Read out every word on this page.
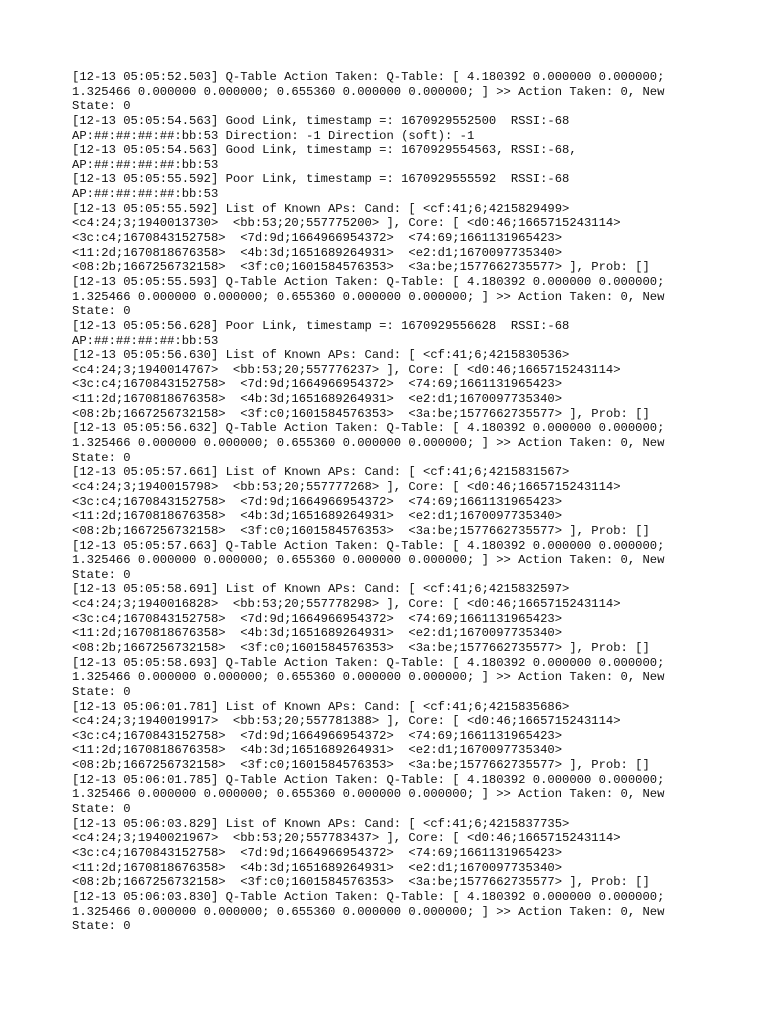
[12-13 05:05:52.503] Q-Table Action Taken: Q-Table: [ 4.180392 0.000000 0.000000;
1.325466 0.000000 0.000000; 0.655360 0.000000 0.000000; ] >> Action Taken: 0, New
State: 0
[12-13 05:05:54.563] Good Link, timestamp =: 1670929552500  RSSI:-68
AP:##:##:##:##:bb:53 Direction: -1 Direction (soft): -1
[12-13 05:05:54.563] Good Link, timestamp =: 1670929554563, RSSI:-68,
AP:##:##:##:##:bb:53
[12-13 05:05:55.592] Poor Link, timestamp =: 1670929555592  RSSI:-68
AP:##:##:##:##:bb:53
[12-13 05:05:55.592] List of Known APs: Cand: [ <cf:41;6;4215829499>
<c4:24;3;1940013730>  <bb:53;20;557775200> ], Core: [ <d0:46;1665715243114>
<3c:c4;1670843152758>  <7d:9d;1664966954372>  <74:69;1661131965423>
<11:2d;1670818676358>  <4b:3d;1651689264931>  <e2:d1;1670097735340>
<08:2b;1667256732158>  <3f:c0;1601584576353>  <3a:be;1577662735577> ], Prob: []
[12-13 05:05:55.593] Q-Table Action Taken: Q-Table: [ 4.180392 0.000000 0.000000;
1.325466 0.000000 0.000000; 0.655360 0.000000 0.000000; ] >> Action Taken: 0, New
State: 0
[12-13 05:05:56.628] Poor Link, timestamp =: 1670929556628  RSSI:-68
AP:##:##:##:##:bb:53
[12-13 05:05:56.630] List of Known APs: Cand: [ <cf:41;6;4215830536>
<c4:24;3;1940014767>  <bb:53;20;557776237> ], Core: [ <d0:46;1665715243114>
<3c:c4;1670843152758>  <7d:9d;1664966954372>  <74:69;1661131965423>
<11:2d;1670818676358>  <4b:3d;1651689264931>  <e2:d1;1670097735340>
<08:2b;1667256732158>  <3f:c0;1601584576353>  <3a:be;1577662735577> ], Prob: []
[12-13 05:05:56.632] Q-Table Action Taken: Q-Table: [ 4.180392 0.000000 0.000000;
1.325466 0.000000 0.000000; 0.655360 0.000000 0.000000; ] >> Action Taken: 0, New
State: 0
[12-13 05:05:57.661] List of Known APs: Cand: [ <cf:41;6;4215831567>
<c4:24;3;1940015798>  <bb:53;20;557777268> ], Core: [ <d0:46;1665715243114>
<3c:c4;1670843152758>  <7d:9d;1664966954372>  <74:69;1661131965423>
<11:2d;1670818676358>  <4b:3d;1651689264931>  <e2:d1;1670097735340>
<08:2b;1667256732158>  <3f:c0;1601584576353>  <3a:be;1577662735577> ], Prob: []
[12-13 05:05:57.663] Q-Table Action Taken: Q-Table: [ 4.180392 0.000000 0.000000;
1.325466 0.000000 0.000000; 0.655360 0.000000 0.000000; ] >> Action Taken: 0, New
State: 0
[12-13 05:05:58.691] List of Known APs: Cand: [ <cf:41;6;4215832597>
<c4:24;3;1940016828>  <bb:53;20;557778298> ], Core: [ <d0:46;1665715243114>
<3c:c4;1670843152758>  <7d:9d;1664966954372>  <74:69;1661131965423>
<11:2d;1670818676358>  <4b:3d;1651689264931>  <e2:d1;1670097735340>
<08:2b;1667256732158>  <3f:c0;1601584576353>  <3a:be;1577662735577> ], Prob: []
[12-13 05:05:58.693] Q-Table Action Taken: Q-Table: [ 4.180392 0.000000 0.000000;
1.325466 0.000000 0.000000; 0.655360 0.000000 0.000000; ] >> Action Taken: 0, New
State: 0
[12-13 05:06:01.781] List of Known APs: Cand: [ <cf:41;6;4215835686>
<c4:24;3;1940019917>  <bb:53;20;557781388> ], Core: [ <d0:46;1665715243114>
<3c:c4;1670843152758>  <7d:9d;1664966954372>  <74:69;1661131965423>
<11:2d;1670818676358>  <4b:3d;1651689264931>  <e2:d1;1670097735340>
<08:2b;1667256732158>  <3f:c0;1601584576353>  <3a:be;1577662735577> ], Prob: []
[12-13 05:06:01.785] Q-Table Action Taken: Q-Table: [ 4.180392 0.000000 0.000000;
1.325466 0.000000 0.000000; 0.655360 0.000000 0.000000; ] >> Action Taken: 0, New
State: 0
[12-13 05:06:03.829] List of Known APs: Cand: [ <cf:41;6;4215837735>
<c4:24;3;1940021967>  <bb:53;20;557783437> ], Core: [ <d0:46;1665715243114>
<3c:c4;1670843152758>  <7d:9d;1664966954372>  <74:69;1661131965423>
<11:2d;1670818676358>  <4b:3d;1651689264931>  <e2:d1;1670097735340>
<08:2b;1667256732158>  <3f:c0;1601584576353>  <3a:be;1577662735577> ], Prob: []
[12-13 05:06:03.830] Q-Table Action Taken: Q-Table: [ 4.180392 0.000000 0.000000;
1.325466 0.000000 0.000000; 0.655360 0.000000 0.000000; ] >> Action Taken: 0, New
State: 0
